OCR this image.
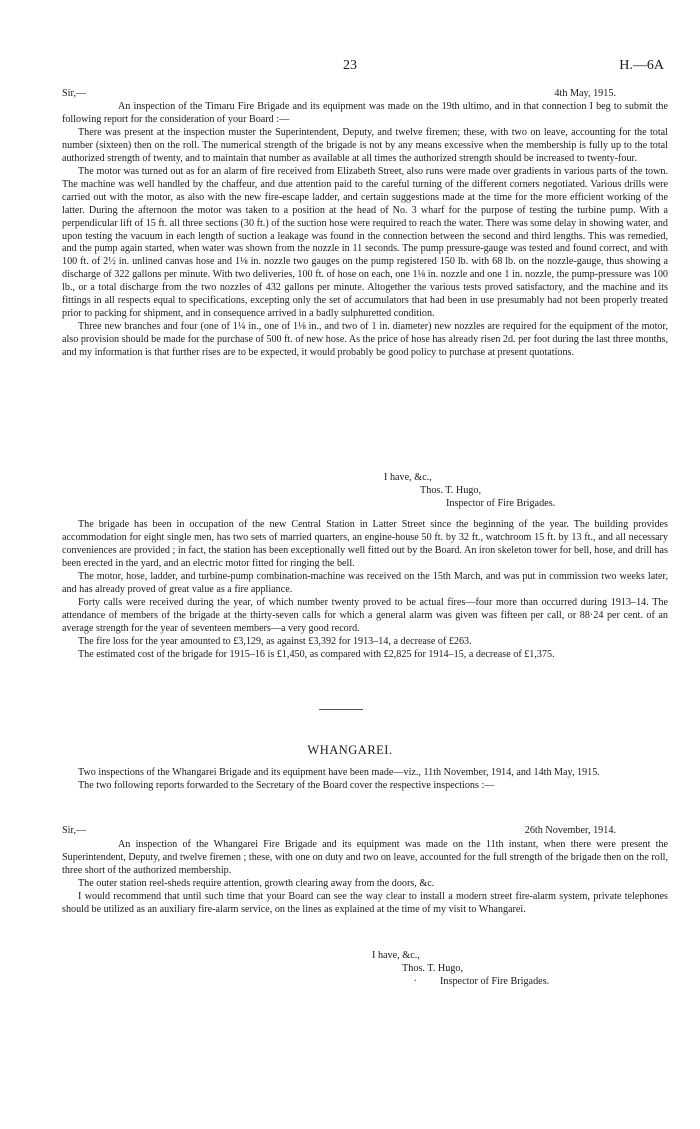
23	H.—6A
Sir,—	4th May, 1915.

An inspection of the Timaru Fire Brigade and its equipment was made on the 19th ultimo, and in that connection I beg to submit the following report for the consideration of your Board :—

There was present at the inspection muster the Superintendent, Deputy, and twelve firemen; these, with two on leave, accounting for the total number (sixteen) then on the roll. The numerical strength of the brigade is not by any means excessive when the membership is fully up to the total authorized strength of twenty, and to maintain that number as available at all times the authorized strength should be increased to twenty-four.

The motor was turned out as for an alarm of fire received from Elizabeth Street, also runs were made over gradients in various parts of the town. The machine was well handled by the chaffeur, and due attention paid to the careful turning of the different corners negotiated. Various drills were carried out with the motor, as also with the new fire-escape ladder, and certain suggestions made at the time for the more efficient working of the latter. During the afternoon the motor was taken to a position at the head of No. 3 wharf for the purpose of testing the turbine pump. With a perpendicular lift of 15 ft. all three sections (30 ft.) of the suction hose were required to reach the water. There was some delay in showing water, and upon testing the vacuum in each length of suction a leakage was found in the connection between the second and third lengths. This was remedied, and the pump again started, when water was shown from the nozzle in 11 seconds. The pump pressure-gauge was tested and found correct, and with 100 ft. of 2½ in. unlined canvas hose and 1⅛ in. nozzle two gauges on the pump registered 150 lb. with 68 lb. on the nozzle-gauge, thus showing a discharge of 322 gallons per minute. With two deliveries, 100 ft. of hose on each, one 1⅛ in. nozzle and one 1 in. nozzle, the pump-pressure was 100 lb., or a total discharge from the two nozzles of 432 gallons per minute. Altogether the various tests proved satisfactory, and the machine and its fittings in all respects equal to specifications, excepting only the set of accumulators that had been in use presumably had not been properly treated prior to packing for shipment, and in consequence arrived in a badly sulphuretted condition.

Three new branches and four (one of 1¼ in., one of 1⅛ in., and two of 1 in. diameter) new nozzles are required for the equipment of the motor, also provision should be made for the purchase of 500 ft. of new hose. As the price of hose has already risen 2d. per foot during the last three months, and my information is that further rises are to be expected, it would probably be good policy to purchase at present quotations.

I have, &c.,
Thos. T. Hugo,
Inspector of Fire Brigades.

The brigade has been in occupation of the new Central Station in Latter Street since the beginning of the year. The building provides accommodation for eight single men, has two sets of married quarters, an engine-house 50 ft. by 32 ft., watchroom 15 ft. by 13 ft., and all necessary conveniences are provided ; in fact, the station has been exceptionally well fitted out by the Board. An iron skeleton tower for bell, hose, and drill has been erected in the yard, and an electric motor fitted for ringing the bell.

The motor, hose, ladder, and turbine-pump combination-machine was received on the 15th March, and was put in commission two weeks later, and has already proved of great value as a fire appliance.

Forty calls were received during the year, of which number twenty proved to be actual fires—four more than occurred during 1913–14. The attendance of members of the brigade at the thirty-seven calls for which a general alarm was given was fifteen per call, or 88·24 per cent. of an average strength for the year of seventeen members—a very good record.

The fire loss for the year amounted to £3,129, as against £3,392 for 1913–14, a decrease of £263.

The estimated cost of the brigade for 1915–16 is £1,450, as compared with £2,825 for 1914–15, a decrease of £1,375.

WHANGAREI.

Two inspections of the Whangarei Brigade and its equipment have been made—viz., 11th November, 1914, and 14th May, 1915.

The two following reports forwarded to the Secretary of the Board cover the respective inspections :—

Sir,—	26th November, 1914.

An inspection of the Whangarei Fire Brigade and its equipment was made on the 11th instant, when there were present the Superintendent, Deputy, and twelve firemen ; these, with one on duty and two on leave, accounted for the full strength of the brigade then on the roll, three short of the authorized membership.

The outer station reel-sheds require attention, growth clearing away from the doors, &c.

I would recommend that until such time that your Board can see the way clear to install a modern street fire-alarm system, private telephones should be utilized as an auxiliary fire-alarm service, on the lines as explained at the time of my visit to Whangarei.

I have, &c.,
Thos. T. Hugo,
. Inspector of Fire Brigades.
